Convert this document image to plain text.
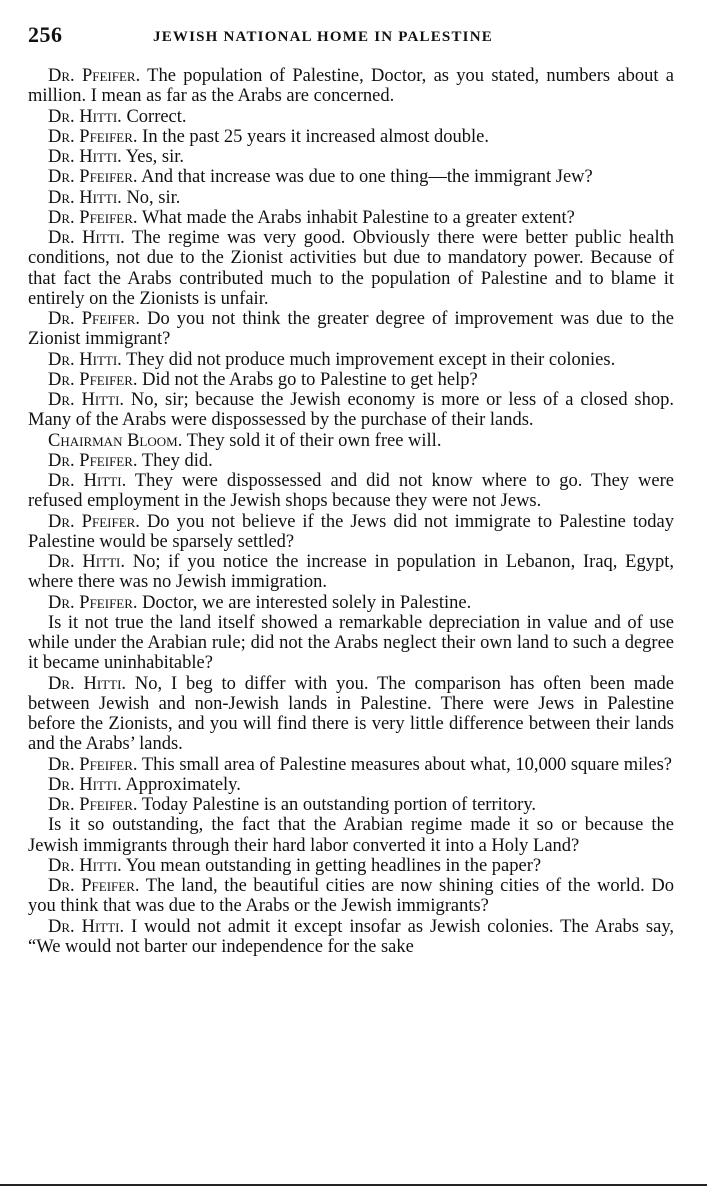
256	JEWISH NATIONAL HOME IN PALESTINE

Dr. Pfeifer. The population of Palestine, Doctor, as you stated, numbers about a million. I mean as far as the Arabs are concerned.

Dr. Hitti. Correct.

Dr. Pfeifer. In the past 25 years it increased almost double.

Dr. Hitti. Yes, sir.

Dr. Pfeifer. And that increase was due to one thing—the immigrant Jew?

Dr. Hitti. No, sir.

Dr. Pfeifer. What made the Arabs inhabit Palestine to a greater extent?

Dr. Hitti. The regime was very good. Obviously there were better public health conditions, not due to the Zionist activities but due to mandatory power. Because of that fact the Arabs contributed much to the population of Palestine and to blame it entirely on the Zionists is unfair.

Dr. Pfeifer. Do you not think the greater degree of improvement was due to the Zionist immigrant?

Dr. Hitti. They did not produce much improvement except in their colonies.

Dr. Pfeifer. Did not the Arabs go to Palestine to get help?

Dr. Hitti. No, sir; because the Jewish economy is more or less of a closed shop. Many of the Arabs were dispossessed by the purchase of their lands.

Chairman Bloom. They sold it of their own free will.

Dr. Pfeifer. They did.

Dr. Hitti. They were dispossessed and did not know where to go. They were refused employment in the Jewish shops because they were not Jews.

Dr. Pfeifer. Do you not believe if the Jews did not immigrate to Palestine today Palestine would be sparsely settled?

Dr. Hitti. No; if you notice the increase in population in Lebanon, Iraq, Egypt, where there was no Jewish immigration.

Dr. Pfeifer. Doctor, we are interested solely in Palestine.

Is it not true the land itself showed a remarkable depreciation in value and of use while under the Arabian rule; did not the Arabs neglect their own land to such a degree it became uninhabitable?

Dr. Hitti. No, I beg to differ with you. The comparison has often been made between Jewish and non-Jewish lands in Palestine. There were Jews in Palestine before the Zionists, and you will find there is very little difference between their lands and the Arabs’ lands.

Dr. Pfeifer. This small area of Palestine measures about what, 10,000 square miles?

Dr. Hitti. Approximately.

Dr. Pfeifer. Today Palestine is an outstanding portion of territory.

Is it so outstanding, the fact that the Arabian regime made it so or because the Jewish immigrants through their hard labor converted it into a Holy Land?

Dr. Hitti. You mean outstanding in getting headlines in the paper?

Dr. Pfeifer. The land, the beautiful cities are now shining cities of the world. Do you think that was due to the Arabs or the Jewish immigrants?

Dr. Hitti. I would not admit it except insofar as Jewish colonies. The Arabs say, “We would not barter our independence for the sake
